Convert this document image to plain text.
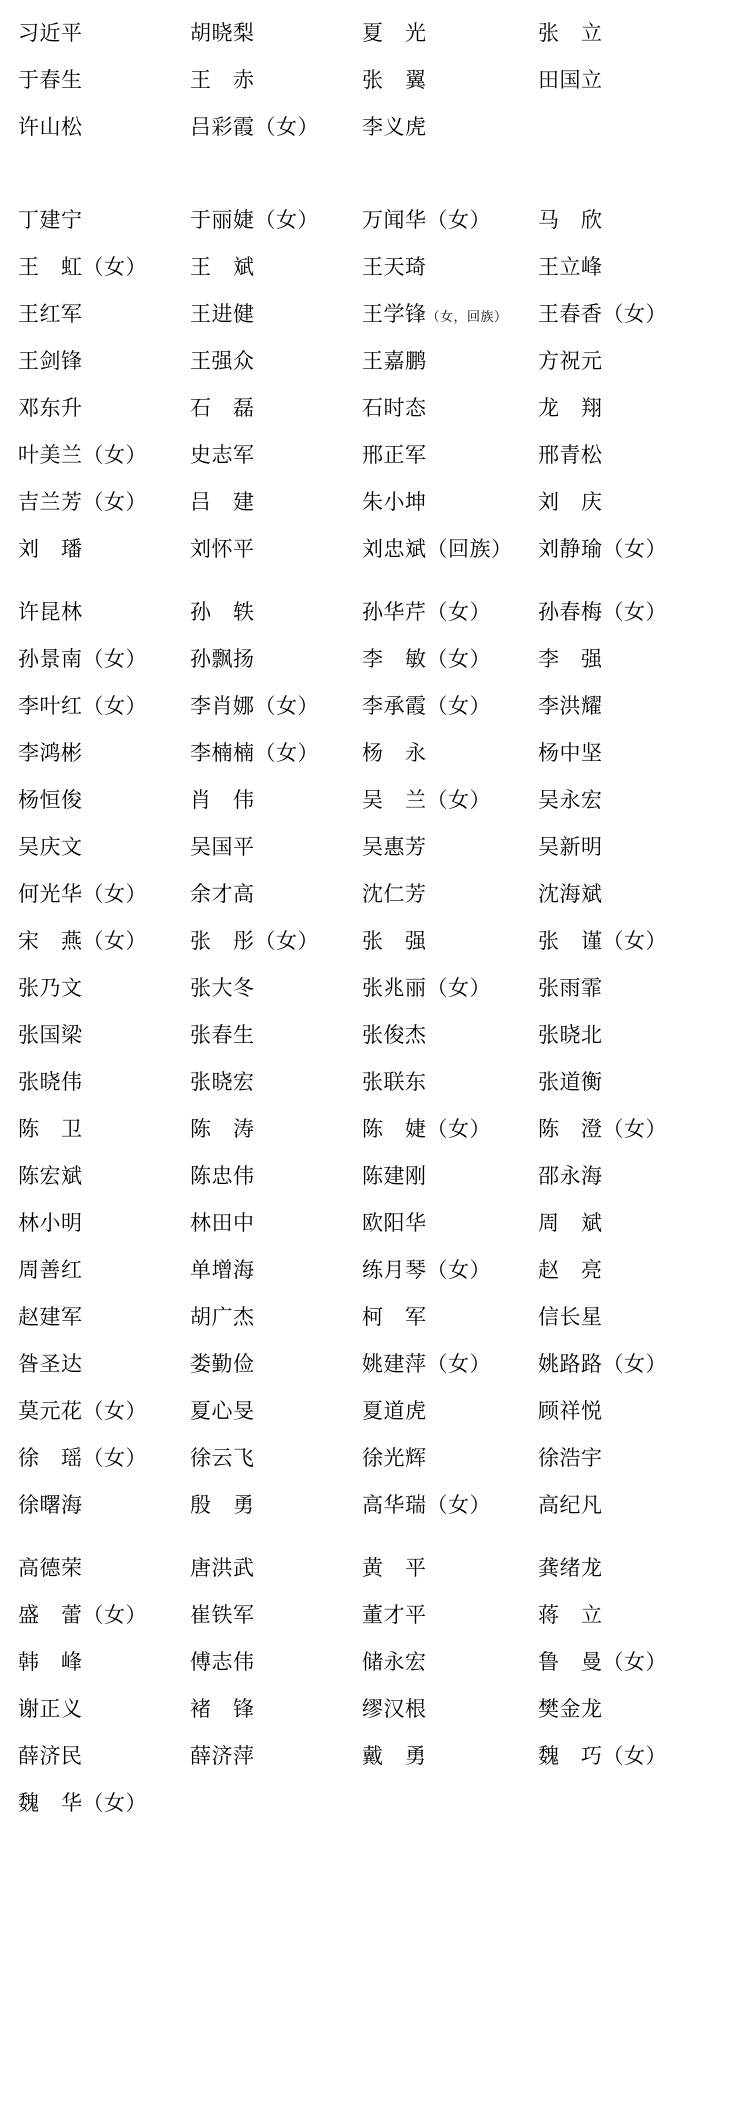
习近平	胡晓梨	夏　光	张　立
于春生	王　赤	张　翼	田国立
许山松	吕彩霞（女）	李义虎
丁建宁	于丽婕（女）	万闻华（女）	马　欣
王　虹（女）	王　斌	王天琦	王立峰
王红军	王进健	王学锋（女，回族）	王春香（女）
王剑锋	王强众	王嘉鹏	方祝元
邓东升	石　磊	石时态	龙　翔
叶美兰（女）	史志军	邢正军	邢青松
吉兰芳（女）	吕　建	朱小坤	刘　庆
刘　璠	刘怀平	刘忠斌（回族）	刘静瑜（女）
许昆林	孙　轶	孙华芹（女）	孙春梅（女）
孙景南（女）	孙飘扬	李　敏（女）	李　强
李叶红（女）	李肖娜（女）	李承霞（女）	李洪耀
李鸿彬	李楠楠（女）	杨　永	杨中坚
杨恒俊	肖　伟	吴　兰（女）	吴永宏
吴庆文	吴国平	吴惠芳	吴新明
何光华（女）	余才高	沈仁芳	沈海斌
宋　燕（女）	张　彤（女）	张　强	张　谨（女）
张乃文	张大冬	张兆丽（女）	张雨霏
张国梁	张春生	张俊杰	张晓北
张晓伟	张晓宏	张联东	张道衡
陈　卫	陈　涛	陈　婕（女）	陈　澄（女）
陈宏斌	陈忠伟	陈建刚	邵永海
林小明	林田中	欧阳华	周　斌
周善红	单增海	练月琴（女）	赵　亮
赵建军	胡广杰	柯　军	信长星
昝圣达	娄勤俭	姚建萍（女）	姚路路（女）
莫元花（女）	夏心旻	夏道虎	顾祥悦
徐　瑶（女）	徐云飞	徐光辉	徐浩宇
徐曙海	殷　勇	高华瑞（女）	高纪凡
高德荣	唐洪武	黄　平	龚绪龙
盛　蕾（女）	崔铁军	董才平	蒋　立
韩　峰	傅志伟	储永宏	鲁　曼（女）
谢正义	褚　锋	缪汉根	樊金龙
薛济民	薛济萍	戴　勇	魏　巧（女）
魏　华（女）
